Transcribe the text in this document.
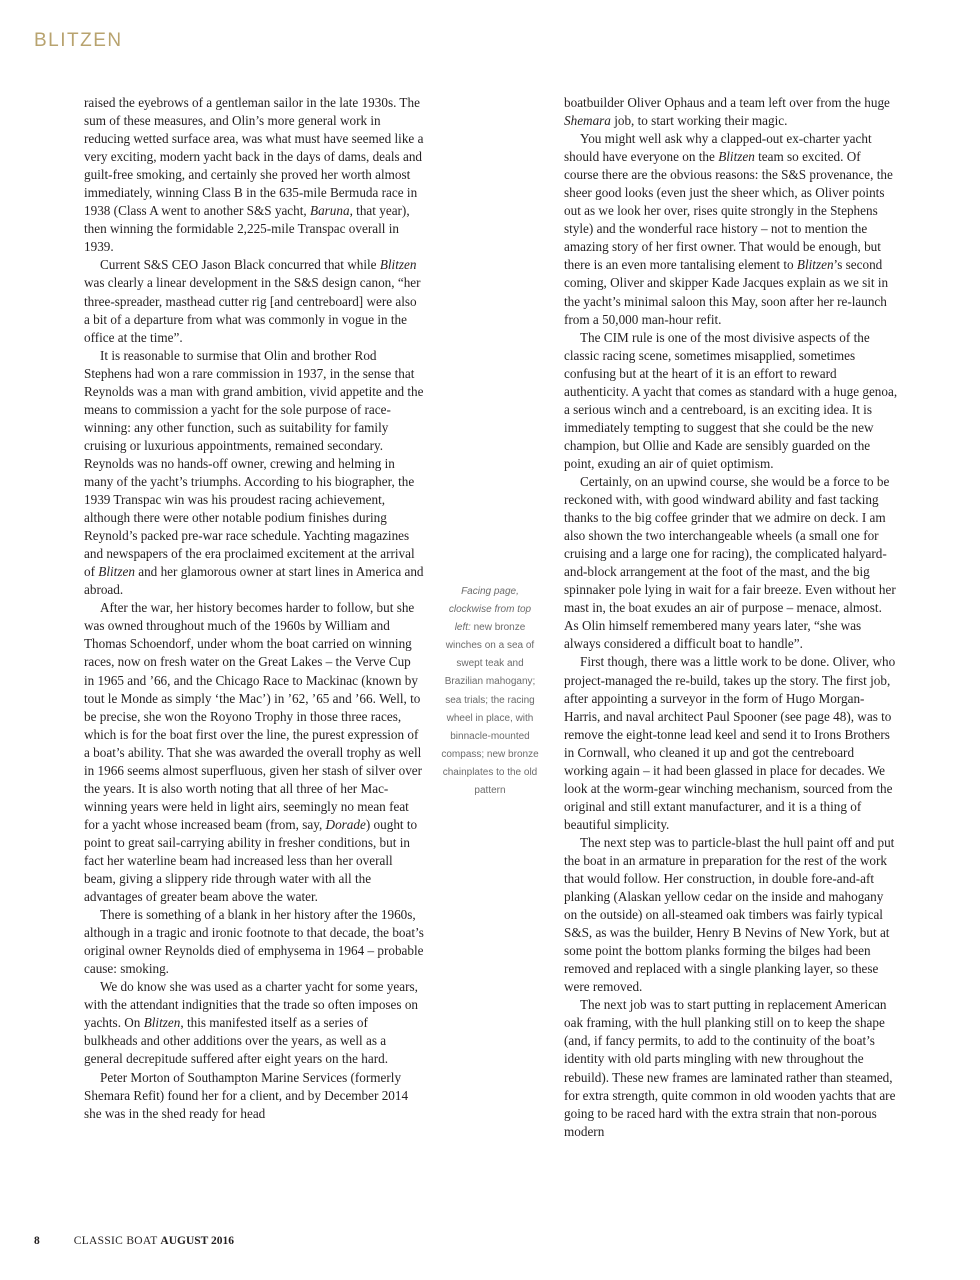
BLITZEN

raised the eyebrows of a gentleman sailor in the late 1930s. The sum of these measures, and Olin’s more general work in reducing wetted surface area, was what must have seemed like a very exciting, modern yacht back in the days of dams, deals and guilt-free smoking, and certainly she proved her worth almost immediately, winning Class B in the 635-mile Bermuda race in 1938 (Class A went to another S&S yacht, Baruna, that year), then winning the formidable 2,225-mile Transpac overall in 1939.

Current S&S CEO Jason Black concurred that while Blitzen was clearly a linear development in the S&S design canon, “her three-spreader, masthead cutter rig [and centreboard] were also a bit of a departure from what was commonly in vogue in the office at the time”.

It is reasonable to surmise that Olin and brother Rod Stephens had won a rare commission in 1937, in the sense that Reynolds was a man with grand ambition, vivid appetite and the means to commission a yacht for the sole purpose of race-winning: any other function, such as suitability for family cruising or luxurious appointments, remained secondary. Reynolds was no hands-off owner, crewing and helming in many of the yacht’s triumphs. According to his biographer, the 1939 Transpac win was his proudest racing achievement, although there were other notable podium finishes during Reynold’s packed pre-war race schedule. Yachting magazines and newspapers of the era proclaimed excitement at the arrival of Blitzen and her glamorous owner at start lines in America and abroad.

After the war, her history becomes harder to follow, but she was owned throughout much of the 1960s by William and Thomas Schoendorf, under whom the boat carried on winning races, now on fresh water on the Great Lakes – the Verve Cup in 1965 and ’66, and the Chicago Race to Mackinac (known by tout le Monde as simply ‘the Mac’) in ’62, ’65 and ’66. Well, to be precise, she won the Royono Trophy in those three races, which is for the boat first over the line, the purest expression of a boat’s ability. That she was awarded the overall trophy as well in 1966 seems almost superfluous, given her stash of silver over the years. It is also worth noting that all three of her Mac-winning years were held in light airs, seemingly no mean feat for a yacht whose increased beam (from, say, Dorade) ought to point to great sail-carrying ability in fresher conditions, but in fact her waterline beam had increased less than her overall beam, giving a slippery ride through water with all the advantages of greater beam above the water.

There is something of a blank in her history after the 1960s, although in a tragic and ironic footnote to that decade, the boat’s original owner Reynolds died of emphysema in 1964 – probable cause: smoking.

We do know she was used as a charter yacht for some years, with the attendant indignities that the trade so often imposes on yachts. On Blitzen, this manifested itself as a series of bulkheads and other additions over the years, as well as a general decrepitude suffered after eight years on the hard.

Peter Morton of Southampton Marine Services (formerly Shemara Refit) found her for a client, and by December 2014 she was in the shed ready for head

Facing page, clockwise from top left: new bronze winches on a sea of swept teak and Brazilian mahogany; sea trials; the racing wheel in place, with binnacle-mounted compass; new bronze chainplates to the old pattern

boatbuilder Oliver Ophaus and a team left over from the huge Shemara job, to start working their magic.

You might well ask why a clapped-out ex-charter yacht should have everyone on the Blitzen team so excited. Of course there are the obvious reasons: the S&S provenance, the sheer good looks (even just the sheer which, as Oliver points out as we look her over, rises quite strongly in the Stephens style) and the wonderful race history – not to mention the amazing story of her first owner. That would be enough, but there is an even more tantalising element to Blitzen’s second coming, Oliver and skipper Kade Jacques explain as we sit in the yacht’s minimal saloon this May, soon after her re-launch from a 50,000 man-hour refit.

The CIM rule is one of the most divisive aspects of the classic racing scene, sometimes misapplied, sometimes confusing but at the heart of it is an effort to reward authenticity. A yacht that comes as standard with a huge genoa, a serious winch and a centreboard, is an exciting idea. It is immediately tempting to suggest that she could be the new champion, but Ollie and Kade are sensibly guarded on the point, exuding an air of quiet optimism.

Certainly, on an upwind course, she would be a force to be reckoned with, with good windward ability and fast tacking thanks to the big coffee grinder that we admire on deck. I am also shown the two interchangeable wheels (a small one for cruising and a large one for racing), the complicated halyard-and-block arrangement at the foot of the mast, and the big spinnaker pole lying in wait for a fair breeze. Even without her mast in, the boat exudes an air of purpose – menace, almost. As Olin himself remembered many years later, “she was always considered a difficult boat to handle”.

First though, there was a little work to be done. Oliver, who project-managed the re-build, takes up the story. The first job, after appointing a surveyor in the form of Hugo Morgan-Harris, and naval architect Paul Spooner (see page 48), was to remove the eight-tonne lead keel and send it to Irons Brothers in Cornwall, who cleaned it up and got the centreboard working again – it had been glassed in place for decades. We look at the worm-gear winching mechanism, sourced from the original and still extant manufacturer, and it is a thing of beautiful simplicity.

The next step was to particle-blast the hull paint off and put the boat in an armature in preparation for the rest of the work that would follow. Her construction, in double fore-and-aft planking (Alaskan yellow cedar on the inside and mahogany on the outside) on all-steamed oak timbers was fairly typical S&S, as was the builder, Henry B Nevins of New York, but at some point the bottom planks forming the bilges had been removed and replaced with a single planking layer, so these were removed.

The next job was to start putting in replacement American oak framing, with the hull planking still on to keep the shape (and, if fancy permits, to add to the continuity of the boat’s identity with old parts mingling with new throughout the rebuild). These new frames are laminated rather than steamed, for extra strength, quite common in old wooden yachts that are going to be raced hard with the extra strain that non-porous modern

8	CLASSIC BOAT AUGUST 2016
